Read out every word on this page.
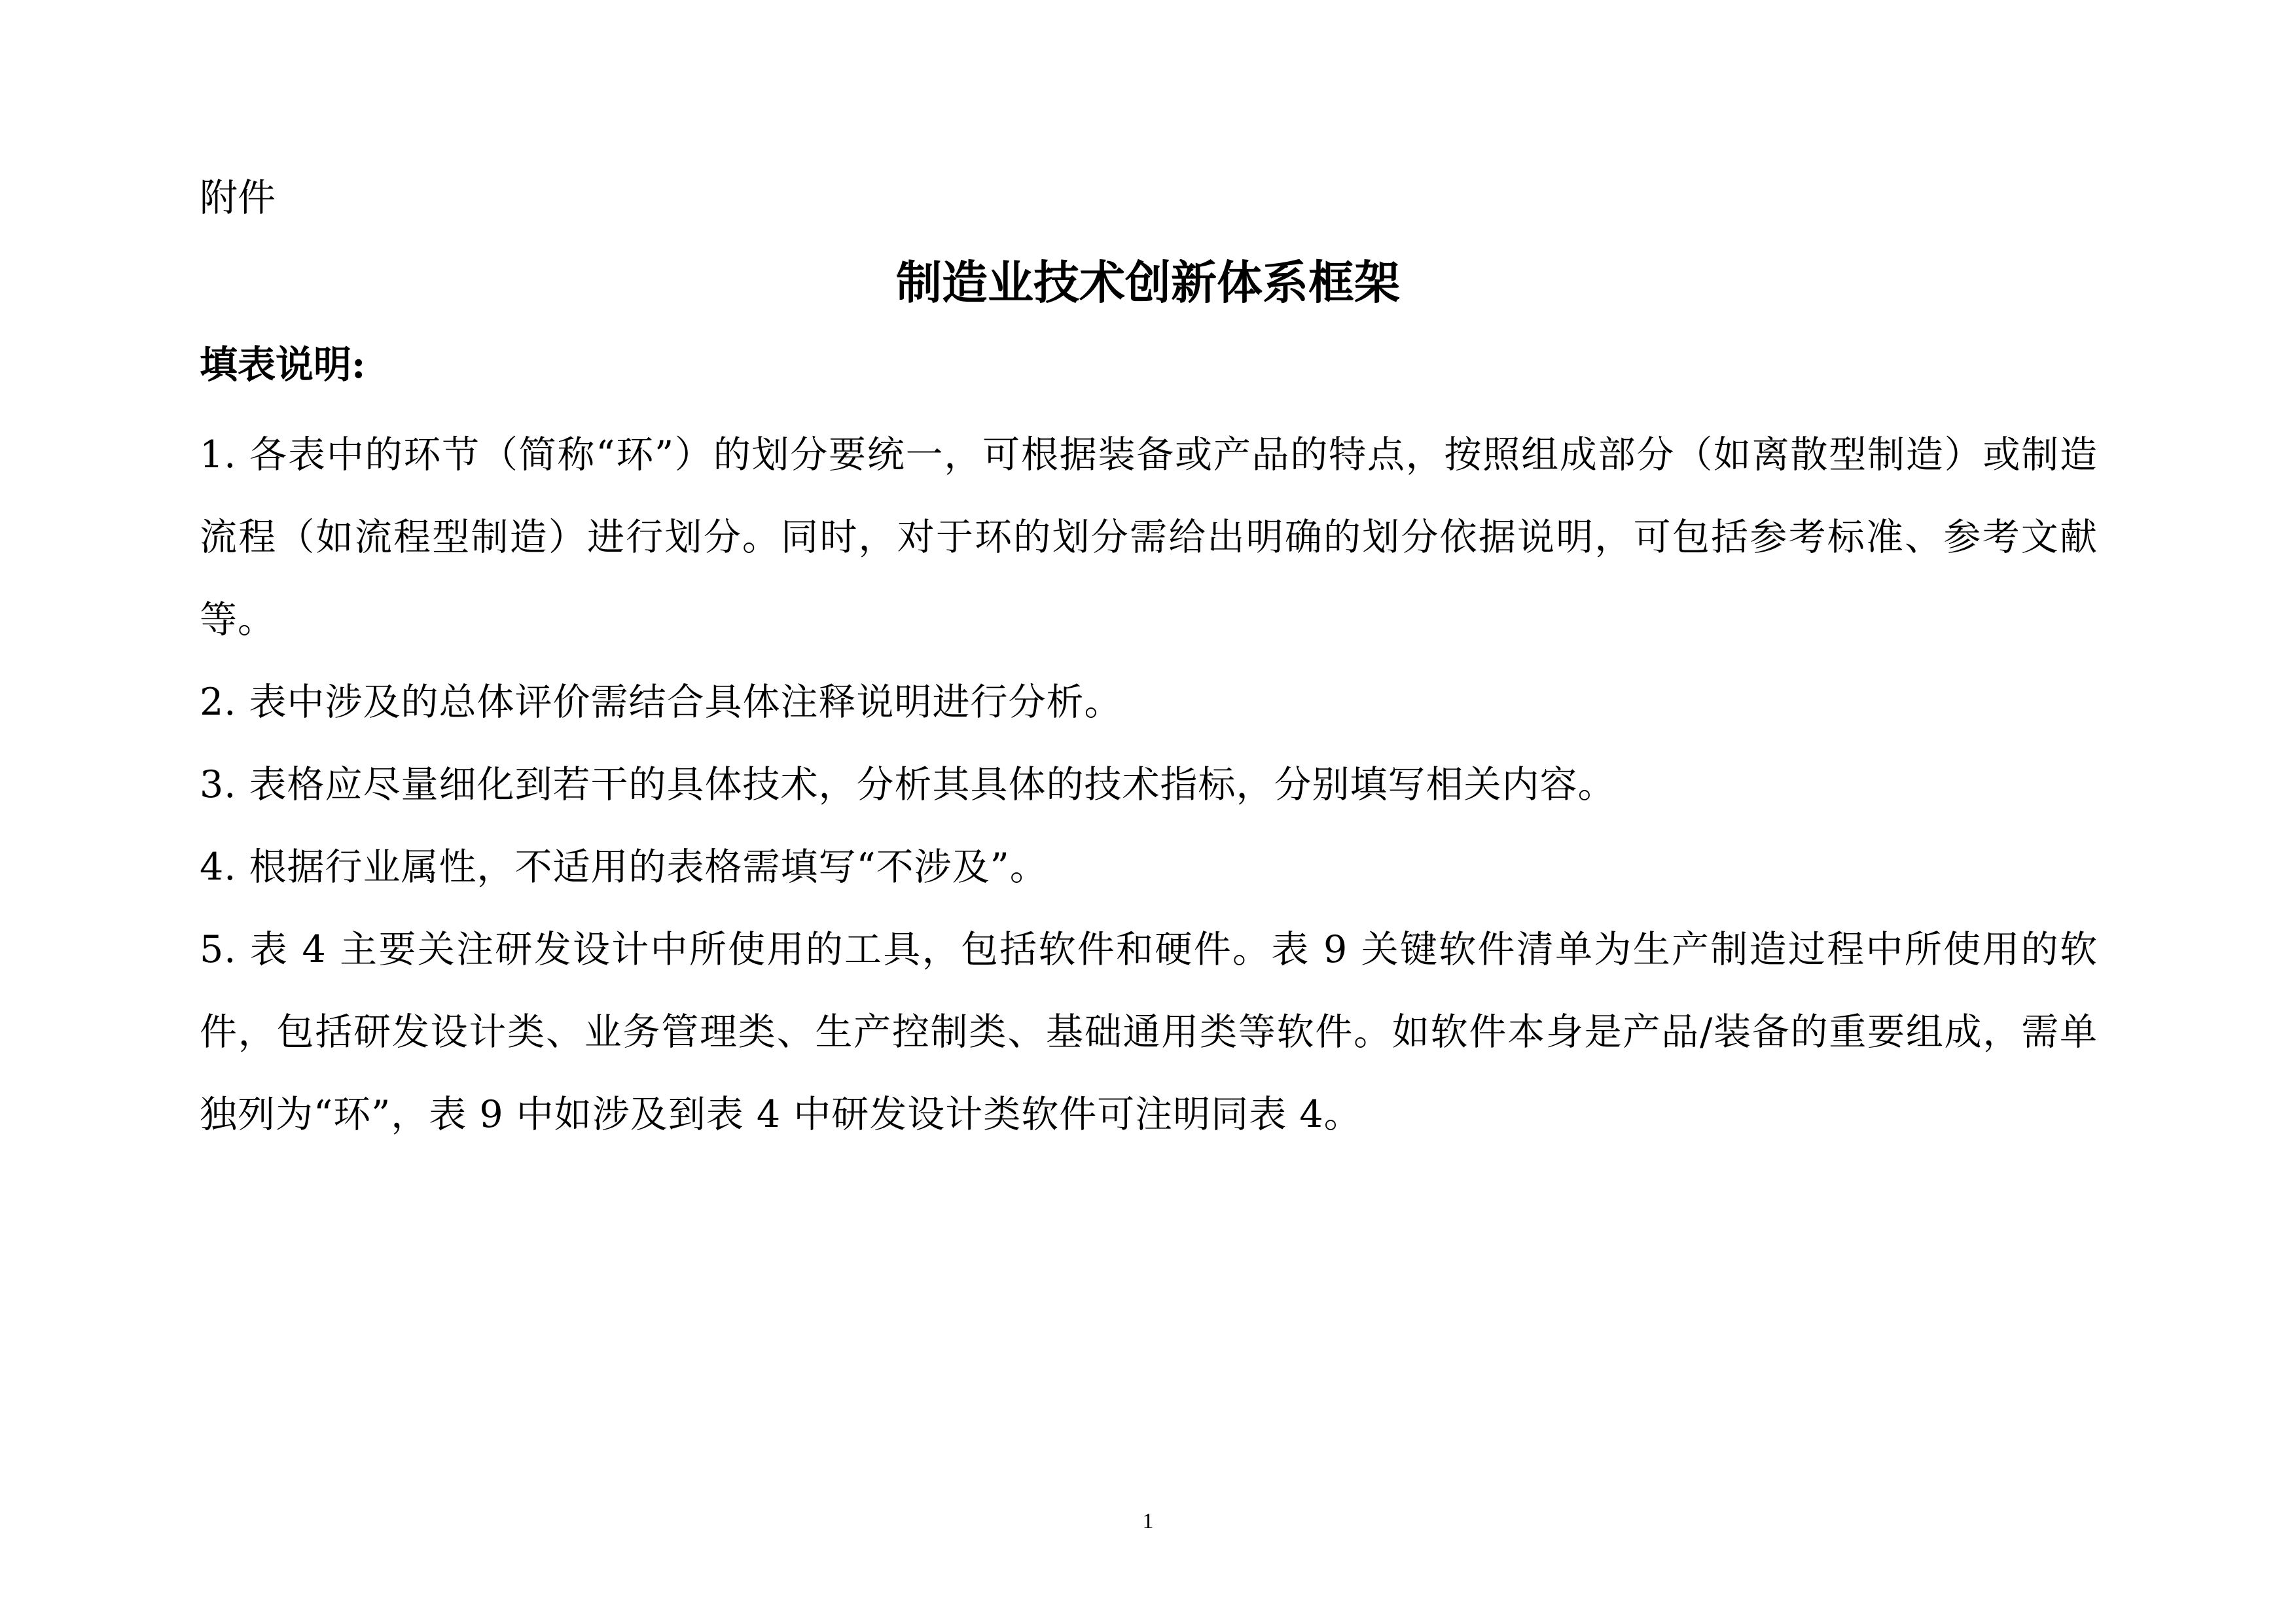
附件
制造业技术创新体系框架
填表说明:

1. 各表中的环节（简称“环”）的划分要统一，可根据装备或产品的特点，按照组成部分（如离散型制造）或制造流程（如流程型制造）进行划分。同时，对于环的划分需给出明确的划分依据说明，可包括参考标准、参考文献等。

2. 表中涉及的总体评价需结合具体注释说明进行分析。

3. 表格应尽量细化到若干的具体技术，分析其具体的技术指标，分别填写相关内容。

4. 根据行业属性，不适用的表格需填写“不涉及”。

5. 表 4 主要关注研发设计中所使用的工具，包括软件和硬件。表 9 关键软件清单为生产制造过程中所使用的软件，包括研发设计类、业务管理类、生产控制类、基础通用类等软件。如软件本身是产品/装备的重要组成，需单独列为“环”，表 9 中如涉及到表 4 中研发设计类软件可注明同表 4。

1
